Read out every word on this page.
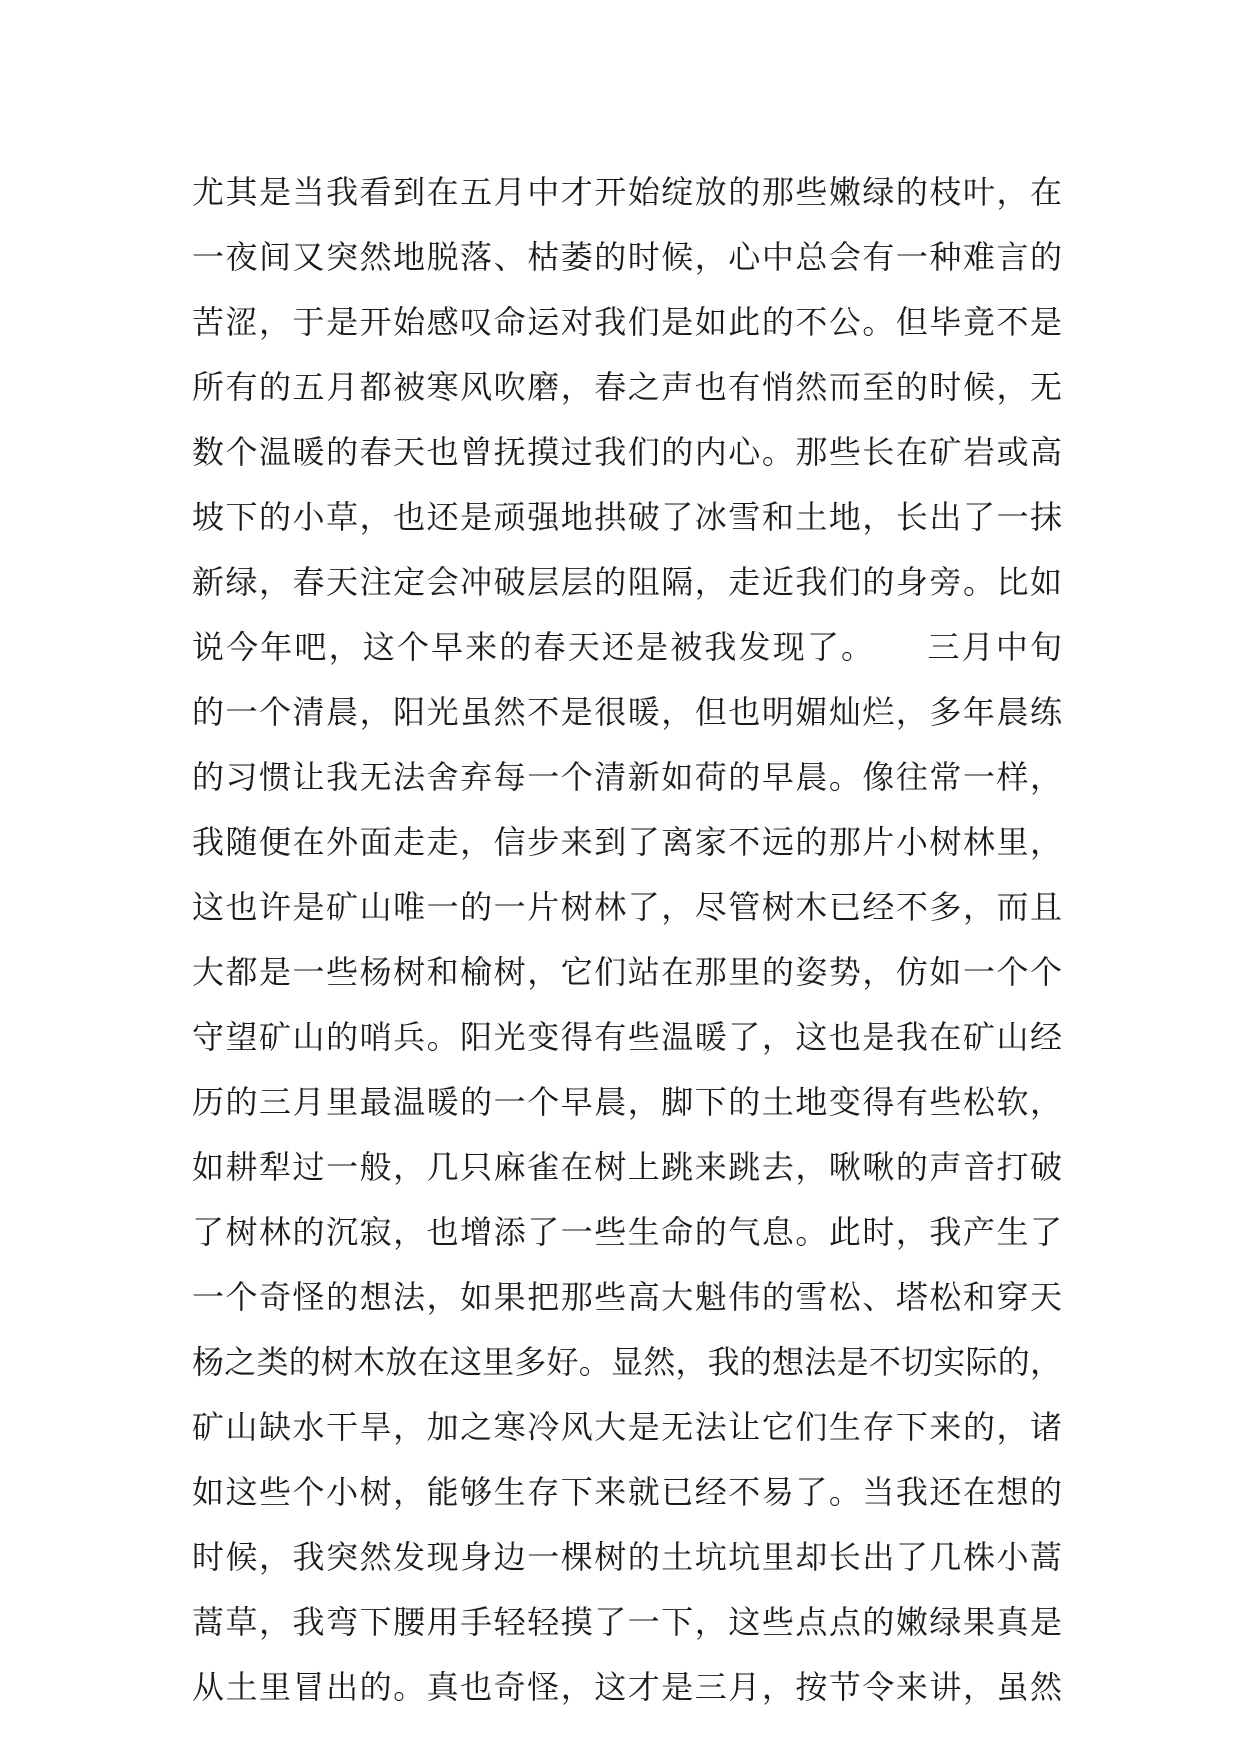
尤其是当我看到在五月中才开始绽放的那些嫩绿的枝叶，在
一夜间又突然地脱落、枯萎的时候，心中总会有一种难言的
苦涩，于是开始感叹命运对我们是如此的不公。但毕竟不是
所有的五月都被寒风吹磨，春之声也有悄然而至的时候，无
数个温暖的春天也曾抚摸过我们的内心。那些长在矿岩或高
坡下的小草，也还是顽强地拱破了冰雪和土地，长出了一抹
新绿，春天注定会冲破层层的阻隔，走近我们的身旁。比如
说今年吧，这个早来的春天还是被我发现了。　　三月中旬
的一个清晨，阳光虽然不是很暖，但也明媚灿烂，多年晨练
的习惯让我无法舍弃每一个清新如荷的早晨。像往常一样，
我随便在外面走走，信步来到了离家不远的那片小树林里，
这也许是矿山唯一的一片树林了，尽管树木已经不多，而且
大都是一些杨树和榆树，它们站在那里的姿势，仿如一个个
守望矿山的哨兵。阳光变得有些温暖了，这也是我在矿山经
历的三月里最温暖的一个早晨，脚下的土地变得有些松软，
如耕犁过一般，几只麻雀在树上跳来跳去，啾啾的声音打破
了树林的沉寂，也增添了一些生命的气息。此时，我产生了
一个奇怪的想法，如果把那些高大魁伟的雪松、塔松和穿天
杨之类的树木放在这里多好。显然，我的想法是不切实际的，
矿山缺水干旱，加之寒冷风大是无法让它们生存下来的，诸
如这些个小树，能够生存下来就已经不易了。当我还在想的
时候，我突然发现身边一棵树的土坑坑里却长出了几株小蒿
蒿草，我弯下腰用手轻轻摸了一下，这些点点的嫩绿果真是
从土里冒出的。真也奇怪，这才是三月，按节令来讲，虽然
